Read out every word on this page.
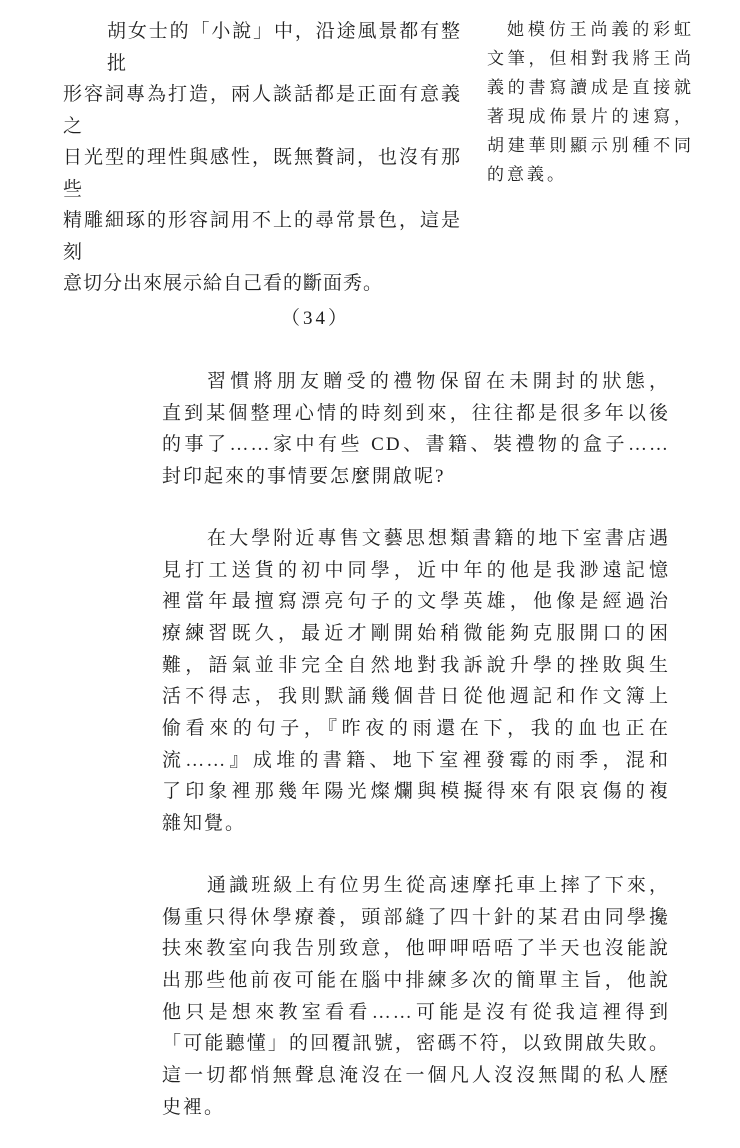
胡女士的「小說」中，沿途風景都有整批
形容詞專為打造，兩人談話都是正面有意義之
日光型的理性與感性，既無贅詞，也沒有那些
精雕細琢的形容詞用不上的尋常景色，這是刻
意切分出來展示給自己看的斷面秀。
她模仿王尚義的彩虹
文筆，但相對我將王尚
義的書寫讀成是直接就
著現成佈景片的速寫，
胡建華則顯示別種不同
的意義。
（34）
習慣將朋友贈受的禮物保留在未開封的狀態，
直到某個整理心情的時刻到來，往往都是很多年以後
的事了……家中有些 CD、書籍、裝禮物的盒子……
封印起來的事情要怎麼開啟呢?
在大學附近專售文藝思想類書籍的地下室書店遇
見打工送貨的初中同學，近中年的他是我渺遠記憶
裡當年最擅寫漂亮句子的文學英雄，他像是經過治
療練習既久，最近才剛開始稍微能夠克服開口的困
難，語氣並非完全自然地對我訴說升學的挫敗與生
活不得志，我則默誦幾個昔日從他週記和作文簿上
偷看來的句子，『昨夜的雨還在下，我的血也正在
流……』成堆的書籍、地下室裡發霉的雨季，混和
了印象裡那幾年陽光燦爛與模擬得來有限哀傷的複
雜知覺。
通識班級上有位男生從高速摩托車上摔了下來，
傷重只得休學療養，頭部縫了四十針的某君由同學攙
扶來教室向我告別致意，他呷呷唔唔了半天也沒能說
出那些他前夜可能在腦中排練多次的簡單主旨，他說
他只是想來教室看看……可能是沒有從我這裡得到
「可能聽懂」的回覆訊號，密碼不符，以致開啟失敗。
這一切都悄無聲息淹沒在一個凡人沒沒無聞的私人歷
史裡。
